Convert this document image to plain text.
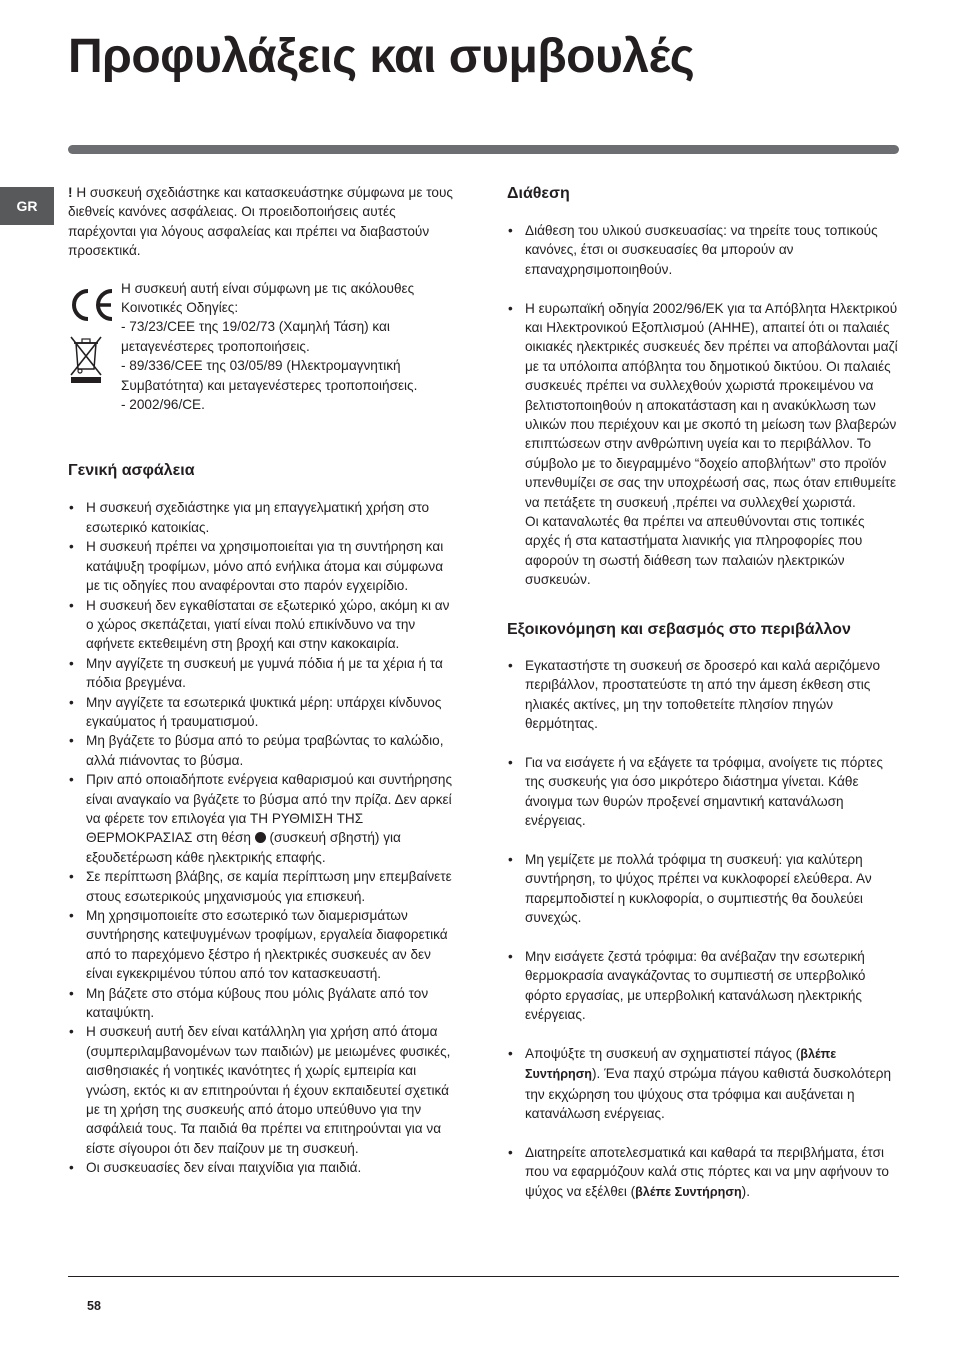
Προφυλάξεις και συμβουλές
GR

! Η συσκευή σχεδιάστηκε και κατασκευάστηκε σύμφωνα με τους διεθνείς κανόνες ασφάλειας. Οι προειδοποιήσεις αυτές παρέχονται για λόγους ασφαλείας και πρέπει να διαβαστούν προσεκτικά.

Η συσκευή αυτή είναι σύμφωνη με τις ακόλουθες Κοινοτικές Οδηγίες:

- 73/23/CEE της 19/02/73 (Χαμηλή Τάση) και μεταγενέστερες τροποποιήσεις.

- 89/336/CEE της 03/05/89 (Ηλεκτρομαγνητική Συμβατότητα) και μεταγενέστερες τροποποιήσεις.

- 2002/96/CE.

Γενική ασφάλεια
• Η συσκευή σχεδιάστηκε για μη επαγγελματική χρήση στο εσωτερικό κατοικίας.
• Η συσκευή πρέπει να χρησιμοποιείται για τη συντήρηση και κατάψυξη τροφίμων, μόνο από ενήλικα άτομα και σύμφωνα με τις οδηγίες που αναφέρονται στο παρόν εγχειρίδιο.
• Η συσκευή δεν εγκαθίσταται σε εξωτερικό χώρο, ακόμη κι αν ο χώρος σκεπάζεται, γιατί είναι πολύ επικίνδυνο να την αφήνετε εκτεθειμένη στη βροχή και στην κακοκαιρία.
• Μην αγγίζετε τη συσκευή με γυμνά πόδια ή με τα χέρια ή τα πόδια βρεγμένα.
• Μην αγγίζετε τα εσωτερικά ψυκτικά μέρη: υπάρχει κίνδυνος εγκαύματος ή τραυματισμού.
• Μη βγάζετε το βύσμα από το ρεύμα τραβώντας το καλώδιο, αλλά πιάνοντας το βύσμα.
• Πριν από οποιαδήποτε ενέργεια καθαρισμού και συντήρησης είναι αναγκαίο να βγάζετε το βύσμα από την πρίζα. Δεν αρκεί να φέρετε τον επιλογέα για ΤΗ ΡΥΘΜΙΣΗ ΤΗΣ ΘΕΡΜΟΚΡΑΣΙΑΣ στη θέση (συσκευή σβηστή) για εξουδετέρωση κάθε ηλεκτρικής επαφής.
• Σε περίπτωση βλάβης, σε καμία περίπτωση μην επεμβαίνετε στους εσωτερικούς μηχανισμούς για επισκευή.
• Μη χρησιμοποιείτε στο εσωτερικό των διαμερισμάτων συντήρησης κατεψυγμένων τροφίμων, εργαλεία διαφορετικά από το παρεχόμενο ξέστρο ή ηλεκτρικές συσκευές αν δεν είναι εγκεκριμένου τύπου από τον κατασκευαστή.
• Μη βάζετε στο στόμα κύβους που μόλις βγάλατε από τον καταψύκτη.
• Η συσκευή αυτή δεν είναι κατάλληλη για χρήση από άτομα (συμπεριλαμβανομένων των παιδιών) με μειωμένες φυσικές, αισθησιακές ή νοητικές ικανότητες ή χωρίς εμπειρία και γνώση, εκτός κι αν επιτηρούνται ή έχουν εκπαιδευτεί σχετικά με τη χρήση της συσκευής από άτομο υπεύθυνο για την ασφάλειά τους. Τα παιδιά θα πρέπει να επιτηρούνται για να είστε σίγουροι ότι δεν παίζουν με τη συσκευή.
• Οι συσκευασίες δεν είναι παιχνίδια για παιδιά.
Διάθεση
• Διάθεση του υλικού συσκευασίας: να τηρείτε τους τοπικούς κανόνες, έτσι οι συσκευασίες θα μπορούν αν επαναχρησιμοποιηθούν.
• Η ευρωπαϊκή οδηγία 2002/96/ΕΚ για τα Απόβλητα Ηλεκτρικού και Ηλεκτρονικού Εξοπλισμού (ΑΗΗΕ), απαιτεί ότι οι παλαιές οικιακές ηλεκτρικές συσκευές δεν πρέπει να αποβάλονται μαζί με τα υπόλοιπα απόβλητα του δημοτικού δικτύου. Οι παλαιές συσκευές πρέπει να συλλεχθούν χωριστά προκειμένου να βελτιστοποιηθούν η αποκατάσταση και η ανακύκλωση των υλικών που περιέχουν και με σκοπό τη μείωση των βλαβερών επιπτώσεων στην ανθρώπινη υγεία και το περιβάλλον. Το σύμβολο με το διεγραμμένο “δοχείο αποβλήτων” στο προϊόν υπενθυμίζει σε σας την υποχρέωσή σας, πως όταν επιθυμείτε να πετάξετε τη συσκευή ,πρέπει να συλλεχθεί χωριστά.
Οι καταναλωτές θα πρέπει να απευθύνονται στις τοπικές αρχές ή στα καταστήματα λιανικής για πληροφορίες που αφορούν τη σωστή διάθεση των παλαιών ηλεκτρικών συσκευών.
Εξοικονόμηση και σεβασμός στο περιβάλλον
• Εγκαταστήστε τη συσκευή σε δροσερό και καλά αεριζόμενο περιβάλλον, προστατεύστε τη από την άμεση έκθεση στις ηλιακές ακτίνες, μη την τοποθετείτε πλησίον πηγών θερμότητας.
• Για να εισάγετε ή να εξάγετε τα τρόφιμα, ανοίγετε τις πόρτες της συσκευής για όσο μικρότερο διάστημα γίνεται. Κάθε άνοιγμα των θυρών προξενεί σημαντική κατανάλωση ενέργειας.
• Μη γεμίζετε με πολλά τρόφιμα τη συσκευή: για καλύτερη συντήρηση, το ψύχος πρέπει να κυκλοφορεί ελεύθερα. Αν παρεμποδιστεί η κυκλοφορία, ο συμπιεστής θα δουλεύει συνεχώς.
• Μην εισάγετε ζεστά τρόφιμα: θα ανέβαζαν την εσωτερική θερμοκρασία αναγκάζοντας το συμπιεστή σε υπερβολικό φόρτο εργασίας, με υπερβολική κατανάλωση ηλεκτρικής ενέργειας.
• Αποψύξτε τη συσκευή αν σχηματιστεί πάγος (βλέπε Συντήρηση). Ένα παχύ στρώμα πάγου καθιστά δυσκολότερη την εκχώρηση του ψύχους στα τρόφιμα και αυξάνεται η κατανάλωση ενέργειας.
• Διατηρείτε αποτελεσματικά και καθαρά τα περιβλήματα, έτσι που να εφαρμόζουν καλά στις πόρτες και να μην αφήνουν το ψύχος να εξέλθει (βλέπε Συντήρηση).
58
